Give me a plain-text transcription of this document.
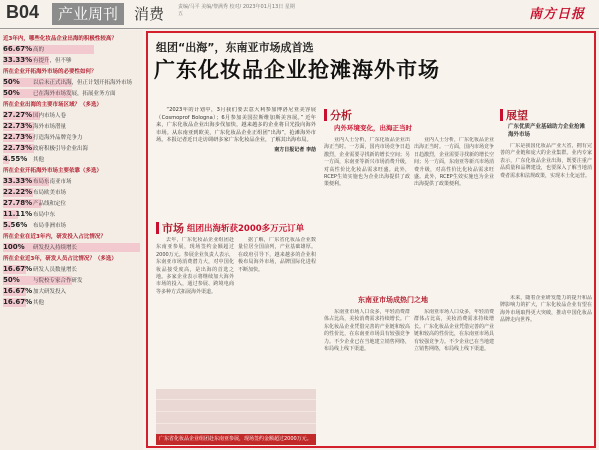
B04	产业周刊	消费	责编/马平 美编/黎满秀 校对/ 2023年01月13日 星期五	南方日报
近3年内，哪些化妆品企业出海的积极性较高？
66.67% 高的
33.33% 有提升，但不够
所在企业开拓海外市场的必要性如何？
50%	以后未正式出海，但正计划开拓海外市场
50%	已在海外市场发展，拓展业务方面
所在企业出海的主要市场区域？（多选）
27.27% 国内市场人卷
22.73% 海外市场潜量
22.73% 打造海外品牌竞争力
22.73% 政府积极引导企业出海
4.55%	其他
所在企业开拓海外市场主要依靠（多选）
33.33% 布局东南亚市场
22.22% 布局欧美市场
27.78% 产品线和定位
11.11% 布局中东
5.56%	布局非洲市场
所在企业在近3年内，研发投入占比情况？
100%	研发投入持续增长
所在企业近3年，研发人员占比情况？（多选）
16.67% 研发人员数量增长
50%	与院校专家合作研发
16.67% 加大研发投入
16.67% 其他
组团“出海”，东南亚市场成首选
广东化妆品企业抢滩海外市场

“2023年的计划中，3月我们要去意大利参加博洛尼亚美容展（Cosmoprof Bologna）；6月参加美国拉斯维加斯美容展。” 近年来，广东化妆品企业出海步伐加快，越来越多的企业将目光投向海外市场。从东南亚到欧美，广东化妆品企业正组团“出海”，抢滩海外市场。本报记者近日走访调研多家广东化妆品企业，了解其出海布局。

南方日报记者 李劼
市场 组团出海斩获2000多万元订单

去年，广东化妆品企业组团赴东南亚参展，现场签约金额超过2000万元。参展企业负责人表示，东南亚市场消费潜力大，对中国化妆品接受度高，是出海的首选之地。多家企业表示将继续加大海外市场的投入，通过参展、跨境电商等多种方式拓展海外渠道。

据了解，广东省化妆品企业数量位居全国前列，产业基础雄厚。在政府引导下，越来越多的企业积极布局海外市场，品牌国际化进程不断加快。

广东省化妆品企业组团赴东南亚参展，现场签约金额超过2000万元。
分析
内外环境变化，出海正当时

业内人士分析，广东化妆品企业出海正当时。一方面，国内市场竞争日趋激烈，企业需要寻找新的增长空间；另一方面，东南亚等新兴市场消费升级，对高性价比化妆品需求旺盛。此外，RCEP生效实施也为企业出海提供了政策便利。

业内人士分析，广东化妆品企业出海正当时。一方面，国内市场竞争日趋激烈，企业需要寻找新的增长空间；另一方面，东南亚等新兴市场消费升级，对高性价比化妆品需求旺盛。此外，RCEP生效实施也为企业出海提供了政策便利。

东南亚市场成热门之地

东南亚市场人口众多，年轻消费群体占比高，美妆消费需求持续增长。广东化妆品企业凭借完善的产业链和较高的性价比，在东南亚市场具有较强竞争力。不少企业已在当地建立销售网络，布局线上线下渠道。

东南亚市场人口众多，年轻消费群体占比高，美妆消费需求持续增长。广东化妆品企业凭借完善的产业链和较高的性价比，在东南亚市场具有较强竞争力。不少企业已在当地建立销售网络，布局线上线下渠道。

展望
广东优质产业基础助力企业抢滩海外市场

广东是我国化妆品产业大省，拥有完善的产业链和庞大的企业集群。业内专家表示，广东化妆品企业出海，既要注重产品质量和品牌建设，也要深入了解当地消费者需求和法规政策，实现本土化运营。

未来，随着企业研发能力的提升和品牌影响力的扩大，广东化妆品企业有望在海外市场取得更大突破，推动中国化妆品品牌走向世界。
